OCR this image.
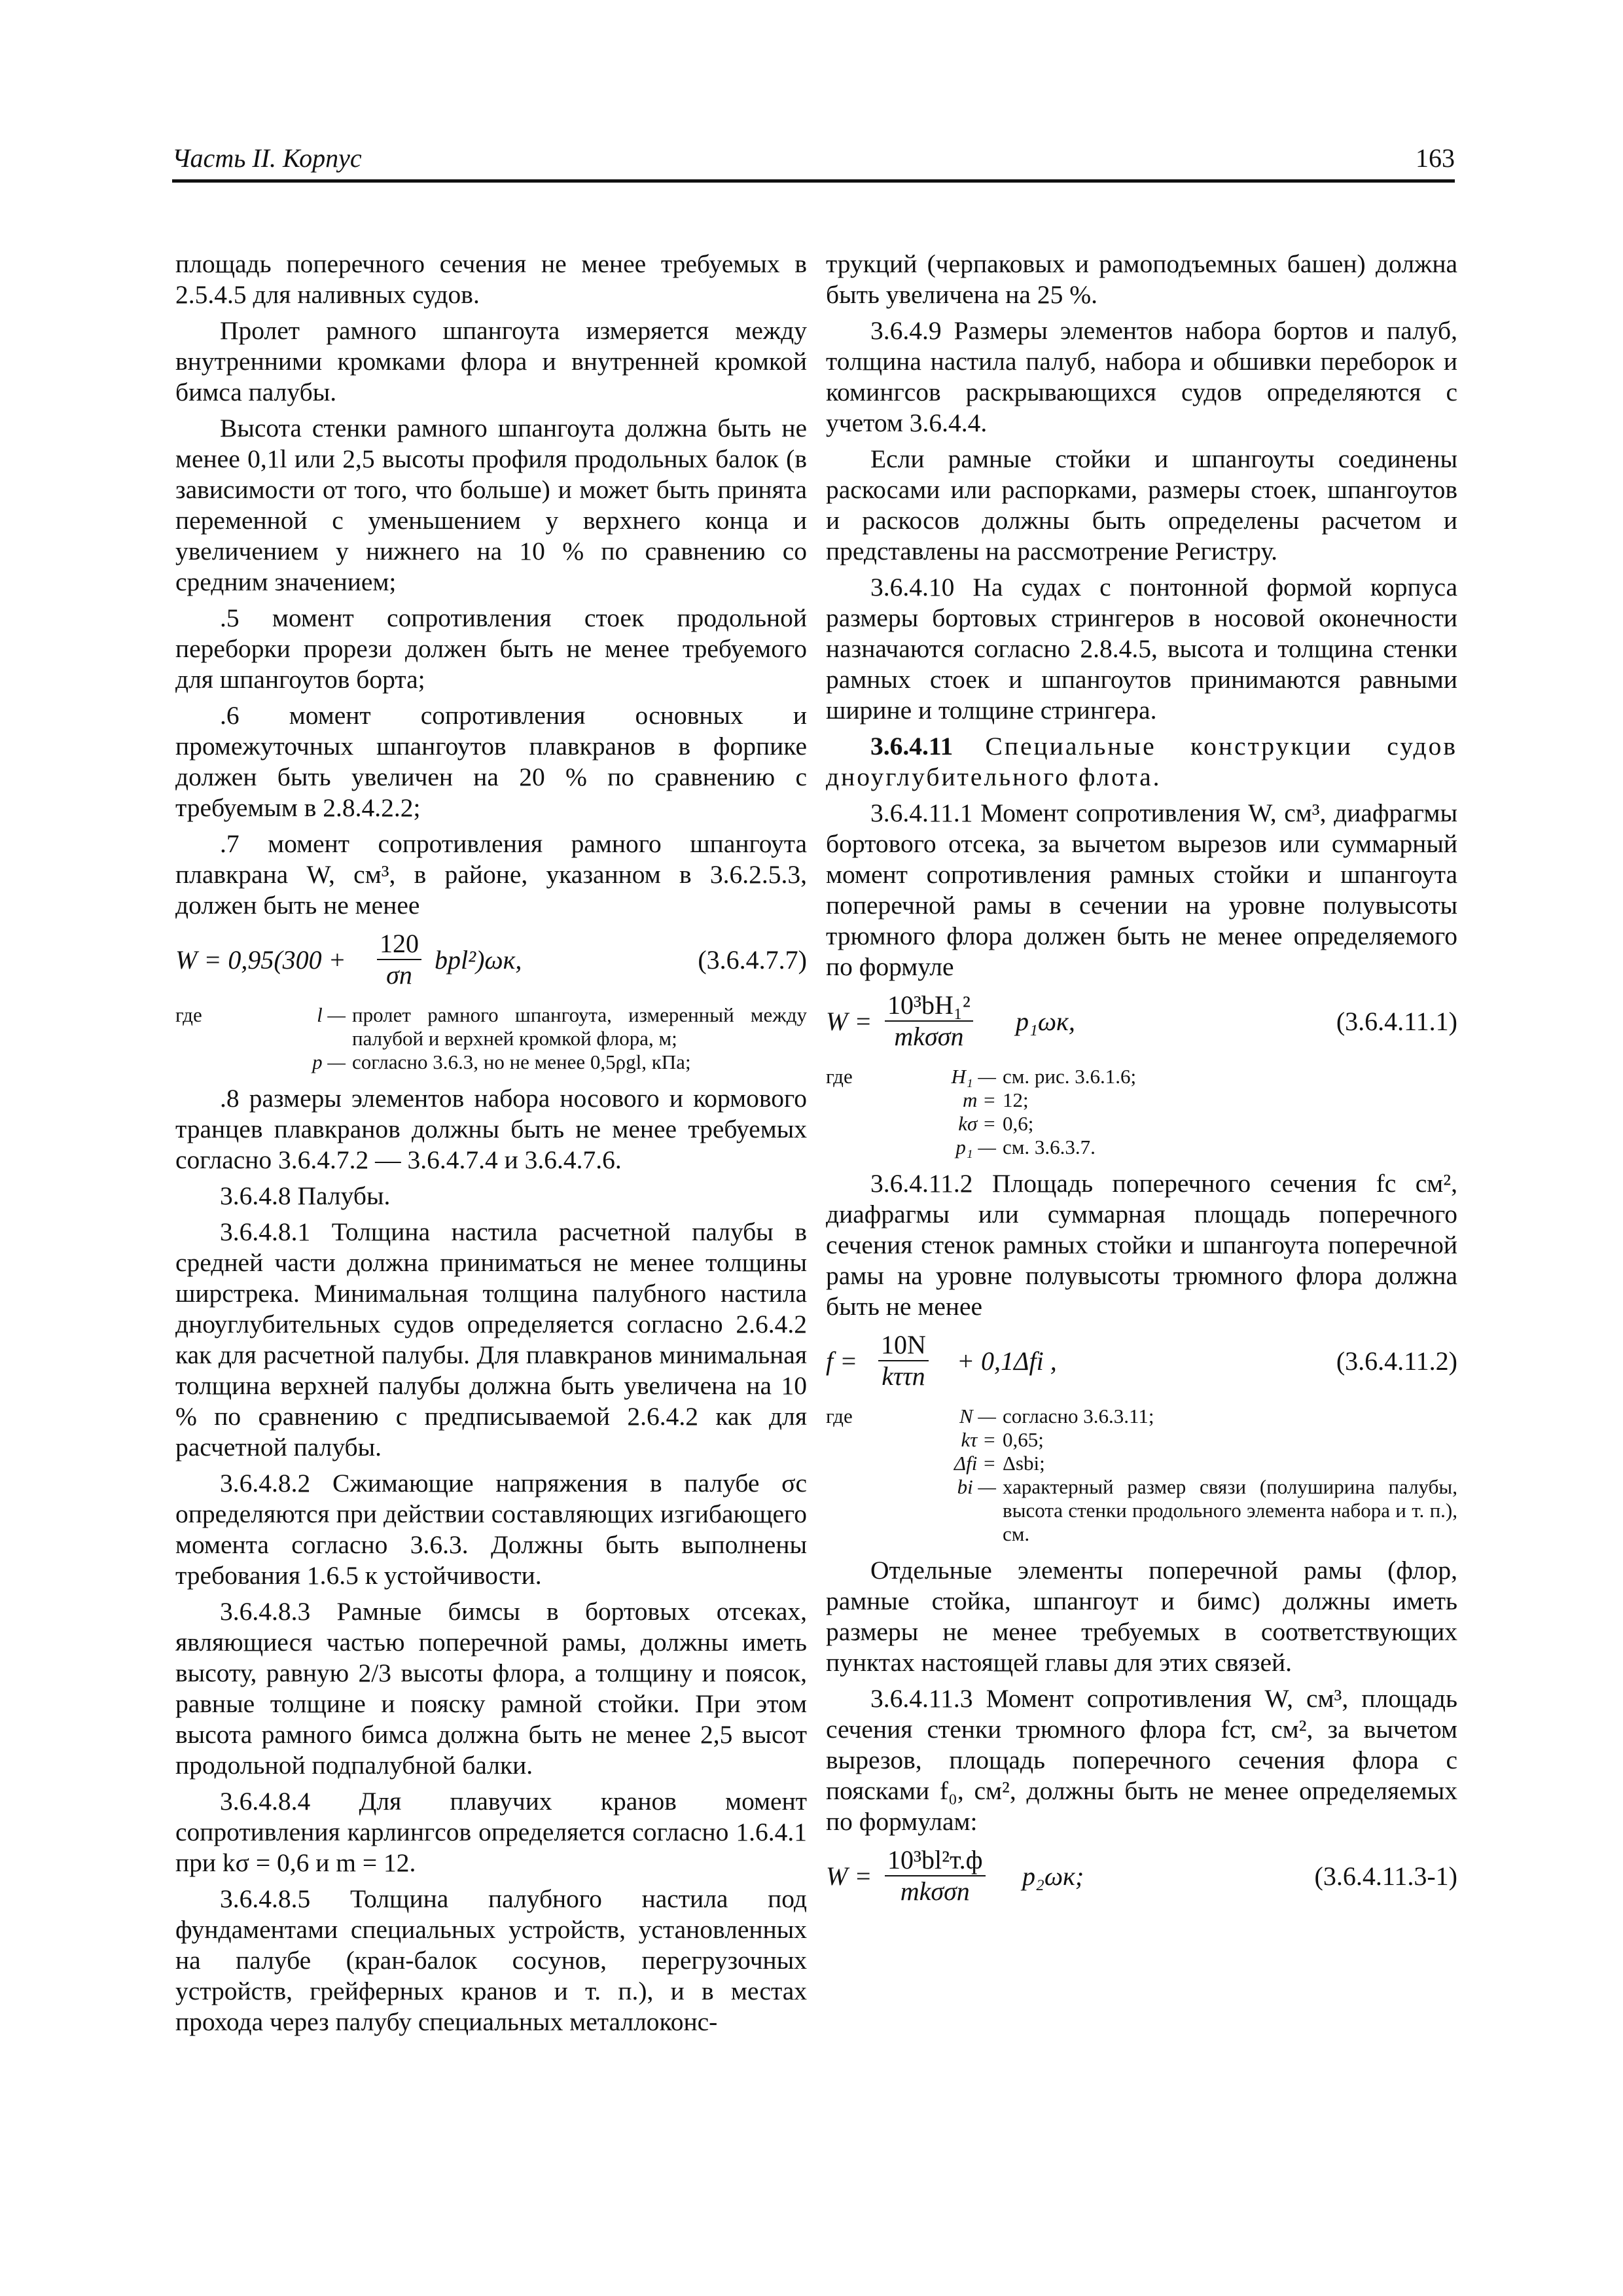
Часть II. Корпус	163

площадь поперечного сечения не менее требуемых в 2.5.4.5 для наливных судов.

Пролет рамного шпангоута измеряется между внутренними кромками флора и внутренней кромкой бимса палубы.

Высота стенки рамного шпангоута должна быть не менее 0,1l или 2,5 высоты профиля продольных балок (в зависимости от того, что больше) и может быть принята переменной с уменьшением у верхнего конца и увеличением у нижнего на 10 % по сравнению со средним значением;

.5 момент сопротивления стоек продольной переборки прорези должен быть не менее требуемого для шпангоутов борта;

.6 момент сопротивления основных и промежуточных шпангоутов плавкранов в форпике должен быть увеличен на 20 % по сравнению с требуемым в 2.8.4.2.2;

.7 момент сопротивления рамного шпангоута плавкрана W, см³, в районе, указанном в 3.6.2.5.3, должен быть не менее

$W = 0,95(300 + \frac{120}{\sigma n} bpl^2)\omega к$,	(3.6.4.7.7)
где	l — пролет рамного шпангоута, измеренный между палубой и верхней кромкой флора, м;
p — согласно 3.6.3, но не менее 0,5ρgl, кПа;

.8 размеры элементов набора носового и кормового транцев плавкранов должны быть не менее требуемых согласно 3.6.4.7.2 — 3.6.4.7.4 и 3.6.4.7.6.

3.6.4.8 Палубы.

3.6.4.8.1 Толщина настила расчетной палубы в средней части должна приниматься не менее толщины ширстрека. Минимальная толщина палубного настила дноуглубительных судов определяется согласно 2.6.4.2 как для расчетной палубы. Для плавкранов минимальная толщина верхней палубы должна быть увеличена на 10 % по сравнению с предписываемой 2.6.4.2 как для расчетной палубы.

3.6.4.8.2 Сжимающие напряжения в палубе σc определяются при действии составляющих изгибающего момента согласно 3.6.3. Должны быть выполнены требования 1.6.5 к устойчивости.

3.6.4.8.3 Рамные бимсы в бортовых отсеках, являющиеся частью поперечной рамы, должны иметь высоту, равную 2/3 высоты флора, а толщину и поясок, равные толщине и пояску рамной стойки. При этом высота рамного бимса должна быть не менее 2,5 высот продольной подпалубной балки.

3.6.4.8.4 Для плавучих кранов момент сопротивления карлингсов определяется согласно 1.6.4.1 при kσ = 0,6 и m = 12.

3.6.4.8.5 Толщина палубного настила под фундаментами специальных устройств, установленных на палубе (кран-балок сосунов, перегрузочных устройств, грейферных кранов и т. п.), и в местах прохода через палубу специальных металлоконс-

трукций (черпаковых и рамоподъемных башен) должна быть увеличена на 25 %.

3.6.4.9 Размеры элементов набора бортов и палуб, толщина настила палуб, набора и обшивки переборок и комингсов раскрывающихся судов определяются с учетом 3.6.4.4.

Если рамные стойки и шпангоуты соединены раскосами или распорками, размеры стоек, шпангоутов и раскосов должны быть определены расчетом и представлены на рассмотрение Регистру.

3.6.4.10 На судах с понтонной формой корпуса размеры бортовых стрингеров в носовой оконечности назначаются согласно 2.8.4.5, высота и толщина стенки рамных стоек и шпангоутов принимаются равными ширине и толщине стрингера.

3.6.4.11 Специальные конструкции судов дноуглубительного флота.

3.6.4.11.1 Момент сопротивления W, см³, диафрагмы бортового отсека, за вычетом вырезов или суммарный момент сопротивления рамных стойки и шпангоута поперечной рамы в сечении на уровне полувысоты трюмного флора должен быть не менее определяемого по формуле

W =
10³bH₁²
mkσσn
p₁ωк,	(3.6.4.11.1)
где	H₁ — см. рис. 3.6.1.6;
m = 12;
kσ = 0,6;
p₁ — см. 3.6.3.7.

3.6.4.11.2 Площадь поперечного сечения fс см², диафрагмы или суммарная площадь поперечного сечения стенок рамных стойки и шпангоута поперечной рамы на уровне полувысоты трюмного флора должна быть не менее

f =
10N
kττn
+ 0,1Δfi ,	(3.6.4.11.2)
где	N — согласно 3.6.3.11;
kτ = 0,65;
Δfi = Δsbi;
bi — характерный размер связи (полуширина палубы, высота стенки продольного элемента набора и т. п.), см.

Отдельные элементы поперечной рамы (флор, рамные стойка, шпангоут и бимс) должны иметь размеры не менее требуемых в соответствующих пунктах настоящей главы для этих связей.

3.6.4.11.3 Момент сопротивления W, см³, площадь сечения стенки трюмного флора fст, см², за вычетом вырезов, площадь поперечного сечения флора с поясками f₀, см², должны быть не менее определяемых по формулам:

W =
10³bl²т.ф
mkσσn
p₂ωк;	(3.6.4.11.3-1)
